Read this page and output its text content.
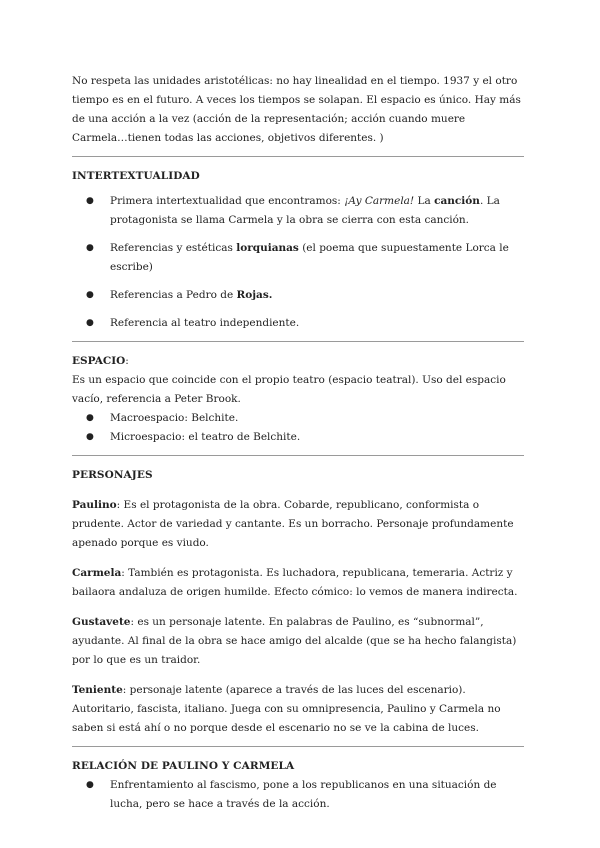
No respeta las unidades aristotélicas: no hay linealidad en el tiempo. 1937 y el otro tiempo es en el futuro. A veces los tiempos se solapan. El espacio es único. Hay más de una acción a la vez (acción de la representación; acción cuando muere Carmela…tienen todas las acciones, objetivos diferentes. )

INTERTEXTUALIDAD

● Primera intertextualidad que encontramos: ¡Ay Carmela! La canción. La protagonista se llama Carmela y la obra se cierra con esta canción.
● Referencias y estéticas lorquianas (el poema que supuestamente Lorca le escribe)
● Referencias a Pedro de Rojas.
● Referencia al teatro independiente.

ESPACIO:

Es un espacio que coincide con el propio teatro (espacio teatral). Uso del espacio vacío, referencia a Peter Brook.

● Macroespacio: Belchite.
● Microespacio: el teatro de Belchite.

PERSONAJES

Paulino: Es el protagonista de la obra. Cobarde, republicano, conformista o prudente. Actor de variedad y cantante. Es un borracho. Personaje profundamente apenado porque es viudo.

Carmela: También es protagonista. Es luchadora, republicana, temeraria. Actriz y bailaora andaluza de origen humilde. Efecto cómico: lo vemos de manera indirecta.

Gustavete: es un personaje latente. En palabras de Paulino, es “subnormal”, ayudante. Al final de la obra se hace amigo del alcalde (que se ha hecho falangista) por lo que es un traidor.

Teniente: personaje latente (aparece a través de las luces del escenario). Autoritario, fascista, italiano. Juega con su omnipresencia, Paulino y Carmela no saben si está ahí o no porque desde el escenario no se ve la cabina de luces.

RELACIÓN DE PAULINO Y CARMELA

● Enfrentamiento al fascismo, pone a los republicanos en una situación de lucha, pero se hace a través de la acción.
